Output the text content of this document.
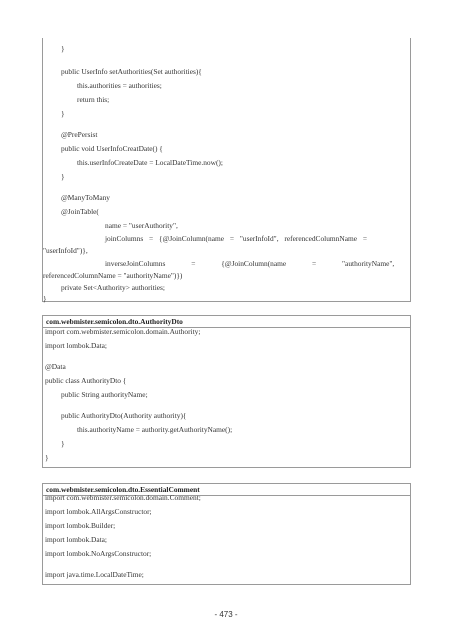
}
public UserInfo setAuthorities(Set authorities){
this.authorities = authorities;
return this;
}
@PrePersist
public void UserInfoCreatDate() {
this.userInfoCreateDate = LocalDateTime.now();
}
@ManyToMany
@JoinTable(
name = "userAuthority",
joinColumns = {@JoinColumn(name = "userInfoId", referencedColumnName =
"userInfoId")},
inverseJoinColumns = {@JoinColumn(name = "authorityName",
referencedColumnName = "authorityName")})
private Set<Authority> authorities;
}
com.webmister.semicolon.dto.AuthorityDto
import com.webmister.semicolon.domain.Authority;
import lombok.Data;
@Data
public class AuthorityDto {
public String authorityName;
public AuthorityDto(Authority authority){
this.authorityName = authority.getAuthorityName();
}
}
com.webmister.semicolon.dto.EssentialComment
import com.webmister.semicolon.domain.Comment;
import lombok.AllArgsConstructor;
import lombok.Builder;
import lombok.Data;
import lombok.NoArgsConstructor;
import java.time.LocalDateTime;
- 473 -
